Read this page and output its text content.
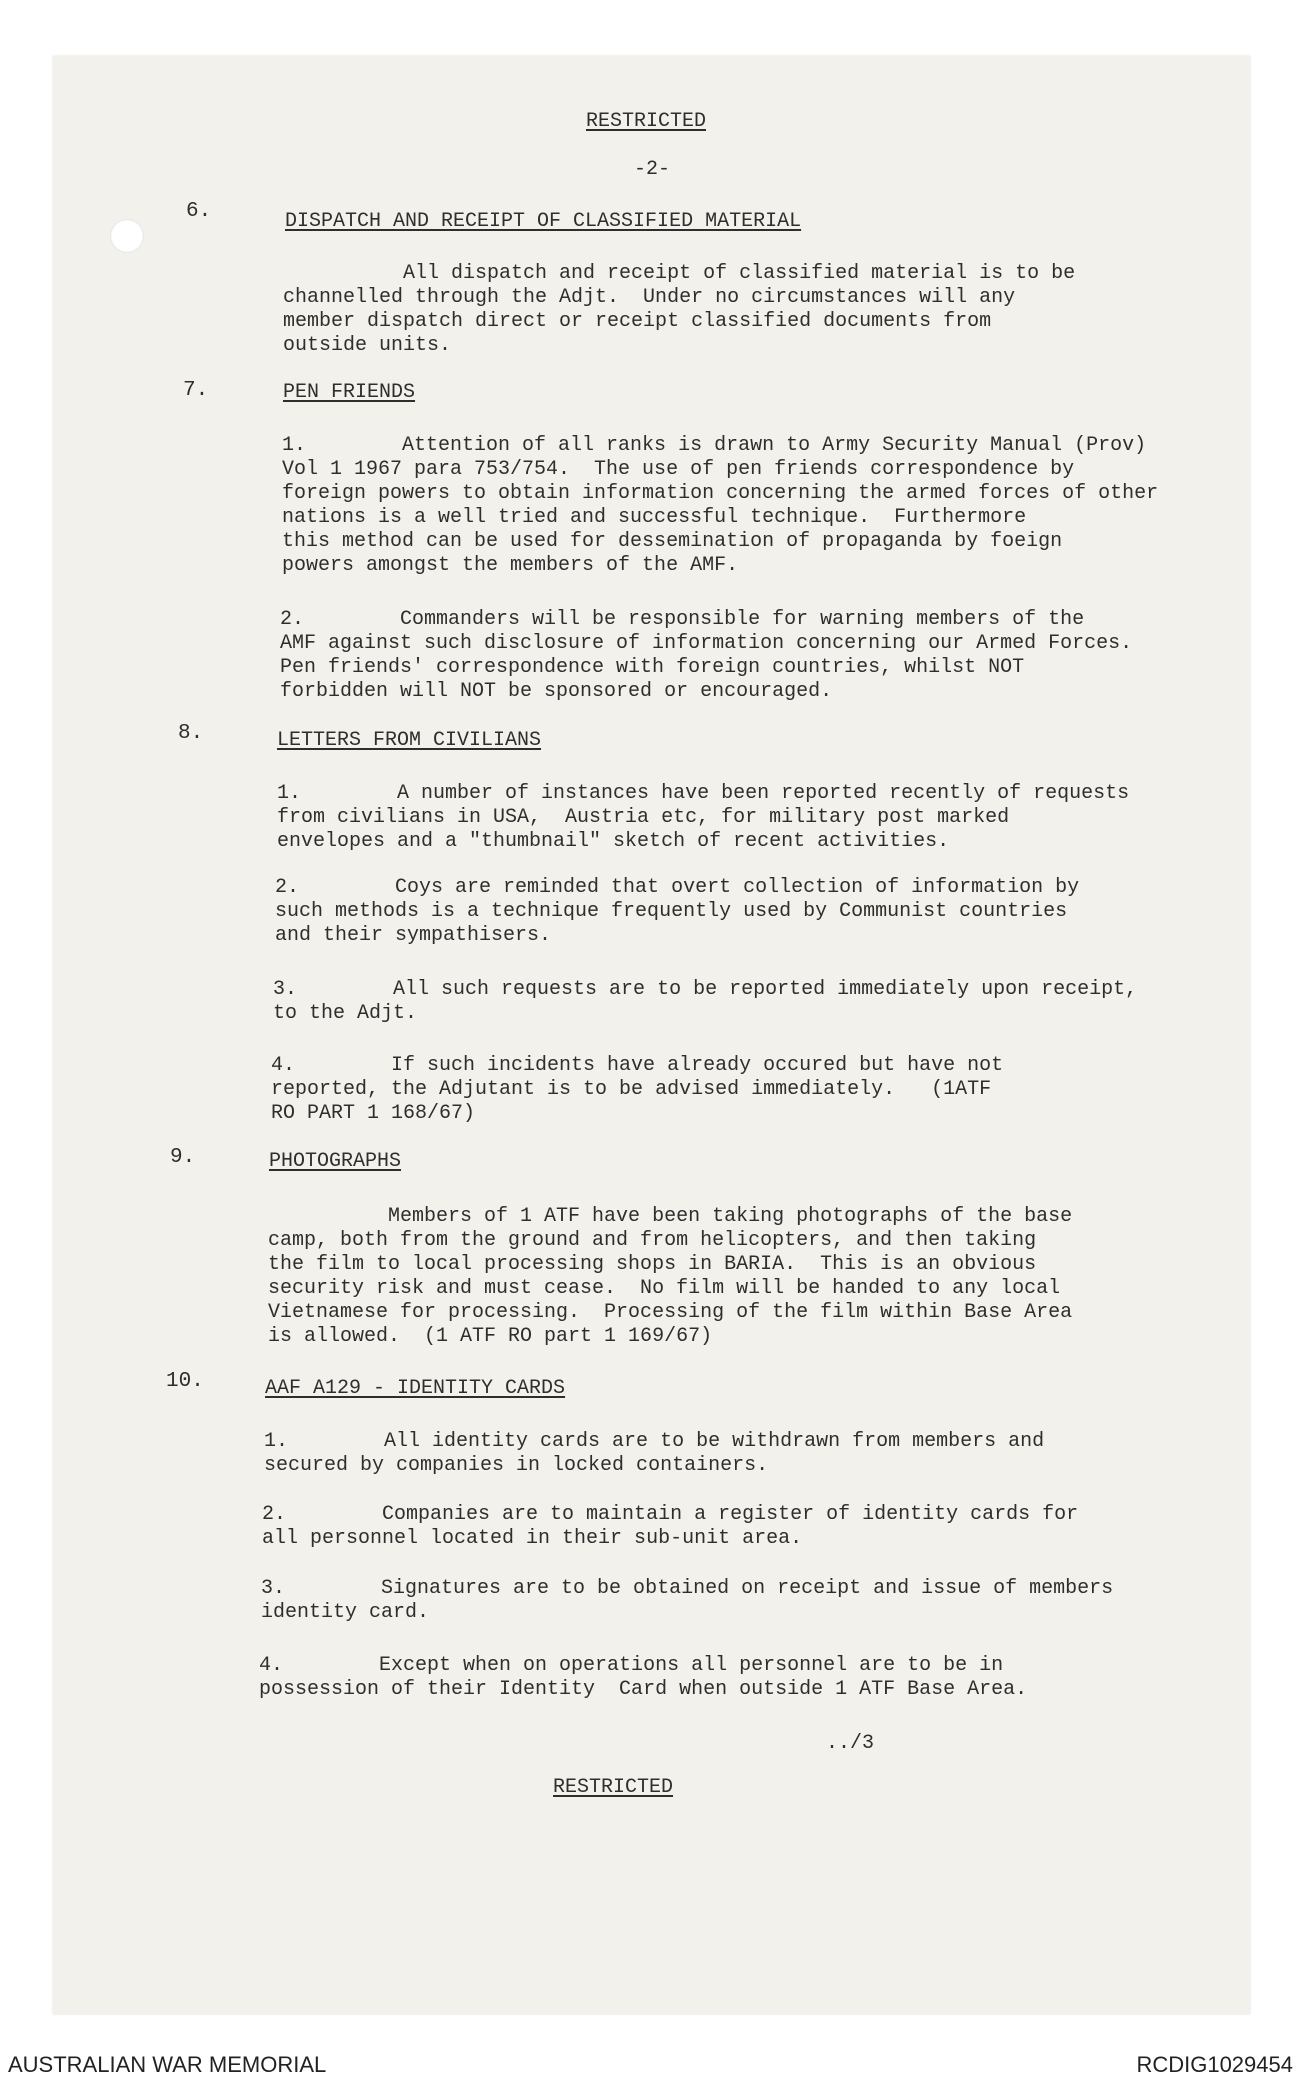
RESTRICTED
-2-
6.	DISPATCH AND RECEIPT OF CLASSIFIED MATERIAL
All dispatch and receipt of classified material is to be
channelled through the Adjt.  Under no circumstances will any
member dispatch direct or receipt classified documents from
outside units.
7.	PEN FRIENDS
1.        Attention of all ranks is drawn to Army Security Manual (Prov)
Vol 1 1967 para 753/754.  The use of pen friends correspondence by
foreign powers to obtain information concerning the armed forces of other
nations is a well tried and successful technique.  Furthermore
this method can be used for dessemination of propaganda by foeign
powers amongst the members of the AMF.
2.        Commanders will be responsible for warning members of the
AMF against such disclosure of information concerning our Armed Forces.
Pen friends' correspondence with foreign countries, whilst NOT
forbidden will NOT be sponsored or encouraged.
8.	LETTERS FROM CIVILIANS
1.        A number of instances have been reported recently of requests
from civilians in USA,  Austria etc, for military post marked
envelopes and a "thumbnail" sketch of recent activities.
2.        Coys are reminded that overt collection of information by
such methods is a technique frequently used by Communist countries
and their sympathisers.
3.        All such requests are to be reported immediately upon receipt,
to the Adjt.
4.        If such incidents have already occured but have not
reported, the Adjutant is to be advised immediately.   (1ATF
RO PART 1 168/67)
9.	PHOTOGRAPHS
Members of 1 ATF have been taking photographs of the base
camp, both from the ground and from helicopters, and then taking
the film to local processing shops in BARIA.  This is an obvious
security risk and must cease.  No film will be handed to any local
Vietnamese for processing.  Processing of the film within Base Area
is allowed.  (1 ATF RO part 1 169/67)
10.	AAF A129 - IDENTITY CARDS
1.        All identity cards are to be withdrawn from members and
secured by companies in locked containers.
2.        Companies are to maintain a register of identity cards for
all personnel located in their sub-unit area.
3.        Signatures are to be obtained on receipt and issue of members
identity card.
4.        Except when on operations all personnel are to be in
possession of their Identity  Card when outside 1 ATF Base Area.
../3
RESTRICTED
AUSTRALIAN WAR MEMORIAL	RCDIG1029454
